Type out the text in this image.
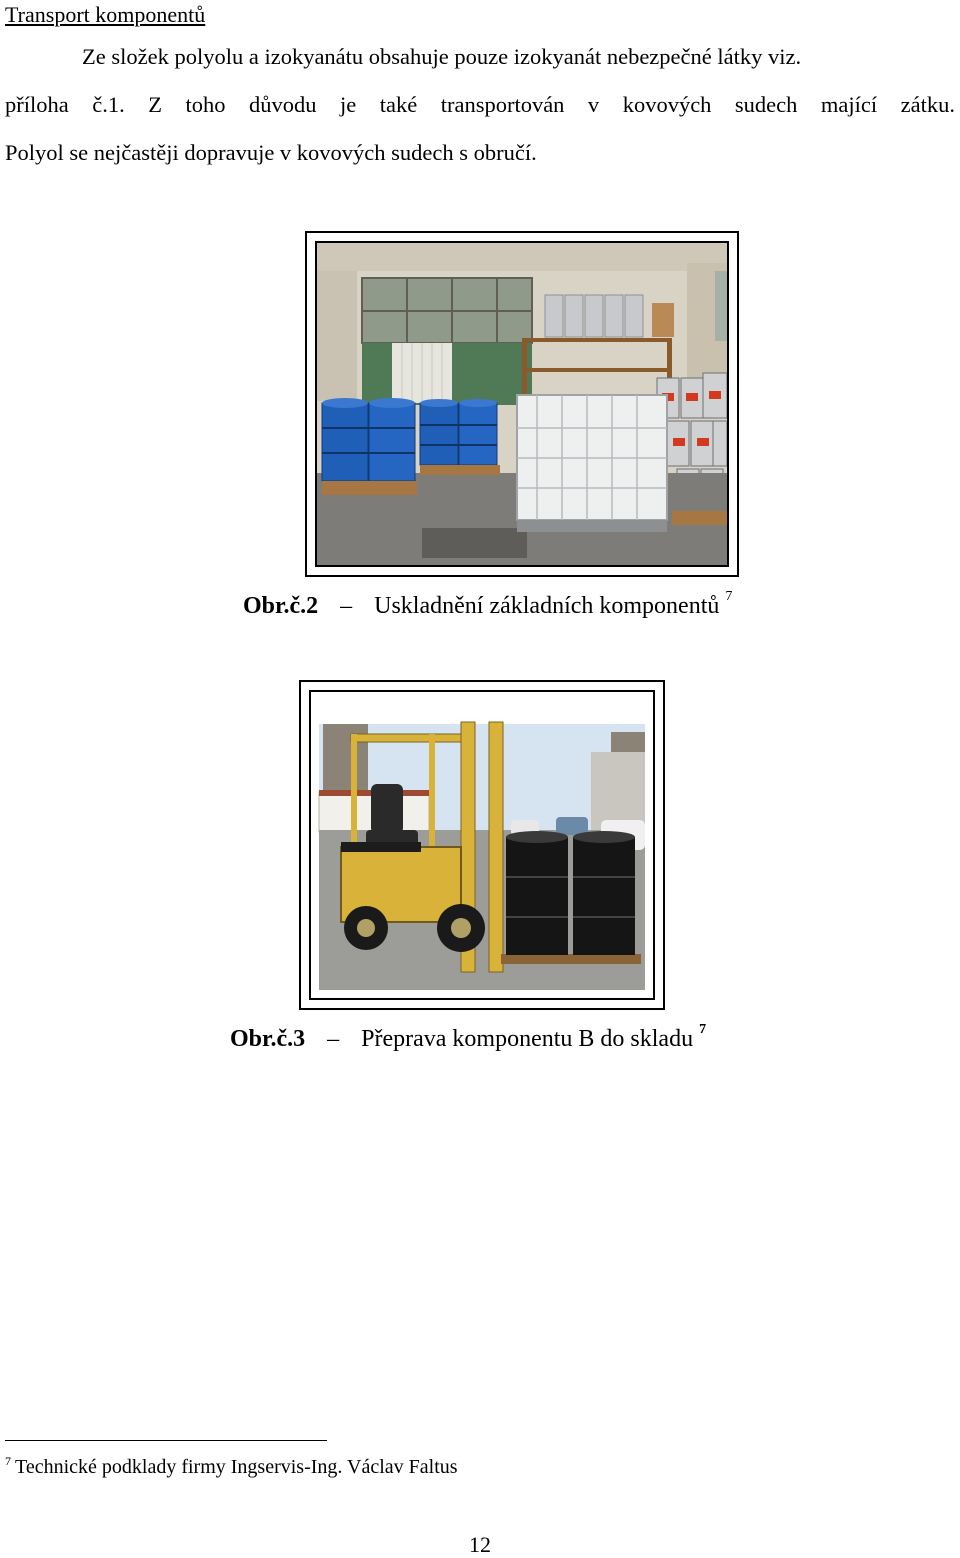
Transport komponentů
Ze složek polyolu a izokyanátu obsahuje pouze izokyanát nebezpečné látky viz.
příloha č.1. Z toho důvodu je také transportován v kovových sudech mající zátku.
Polyol se nejčastěji dopravuje v kovových sudech s obručí.
Obr.č.2 – Uskladnění základních komponentů $^7$
Obr.č.3 – Přeprava komponentu B do skladu $^7$
$^7$ Technické podklady firmy Ingservis-Ing. Václav Faltus
12
